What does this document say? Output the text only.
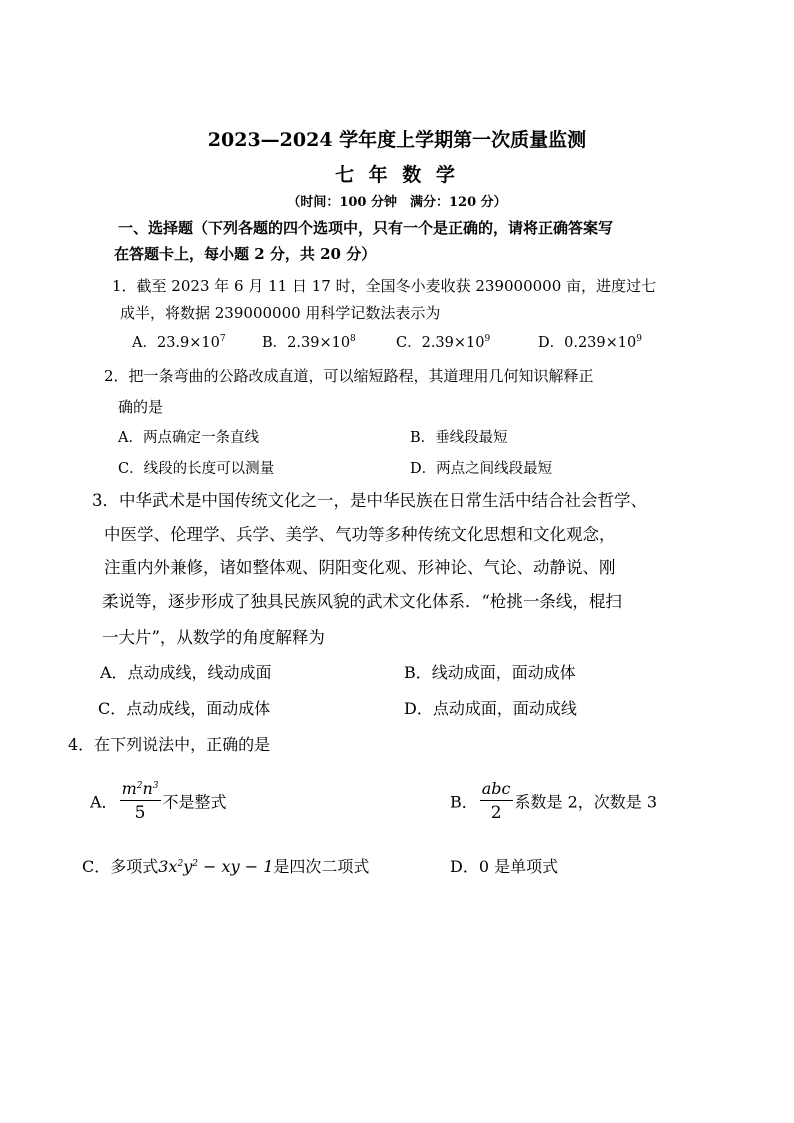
2023—2024 学年度上学期第一次质量监测
七 年 数 学
（时间：100 分钟　满分：120 分）
一、选择题（下列各题的四个选项中，只有一个是正确的，请将正确答案写
在答题卡上，每小题 2 分，共 20 分）
1．截至 2023 年 6 月 11 日 17 时，全国冬小麦收获 239000000 亩，进度过七
成半，将数据 239000000 用科学记数法表示为
A．$23.9\times 10^7$	B．$2.39\times 10^8$	C．$2.39\times 10^9$	D．$0.239\times 10^9$
2．把一条弯曲的公路改成直道，可以缩短路程，其道理用几何知识解释正
确的是
A．两点确定一条直线	B．垂线段最短
C．线段的长度可以测量	D．两点之间线段最短
3．中华武术是中国传统文化之一，是中华民族在日常生活中结合社会哲学、
中医学、伦理学、兵学、美学、气功等多种传统文化思想和文化观念，
注重内外兼修，诸如整体观、阴阳变化观、形神论、气论、动静说、刚
柔说等，逐步形成了独具民族风貌的武术文化体系．“枪挑一条线，棍扫
一大片”，从数学的角度解释为
A．点动成线，线动成面	B．线动成面，面动成体
C．点动成线，面动成体	D．点动成面，面动成线
4．在下列说法中，正确的是
A． $\frac{m^2n^3}{5}$ 不是整式	B． $\frac{\text{abc}}{2}$ 系数是 2，次数是 3
C．多项式$3x^2y^2$ − xy − 1是四次二项式	D．0 是单项式
